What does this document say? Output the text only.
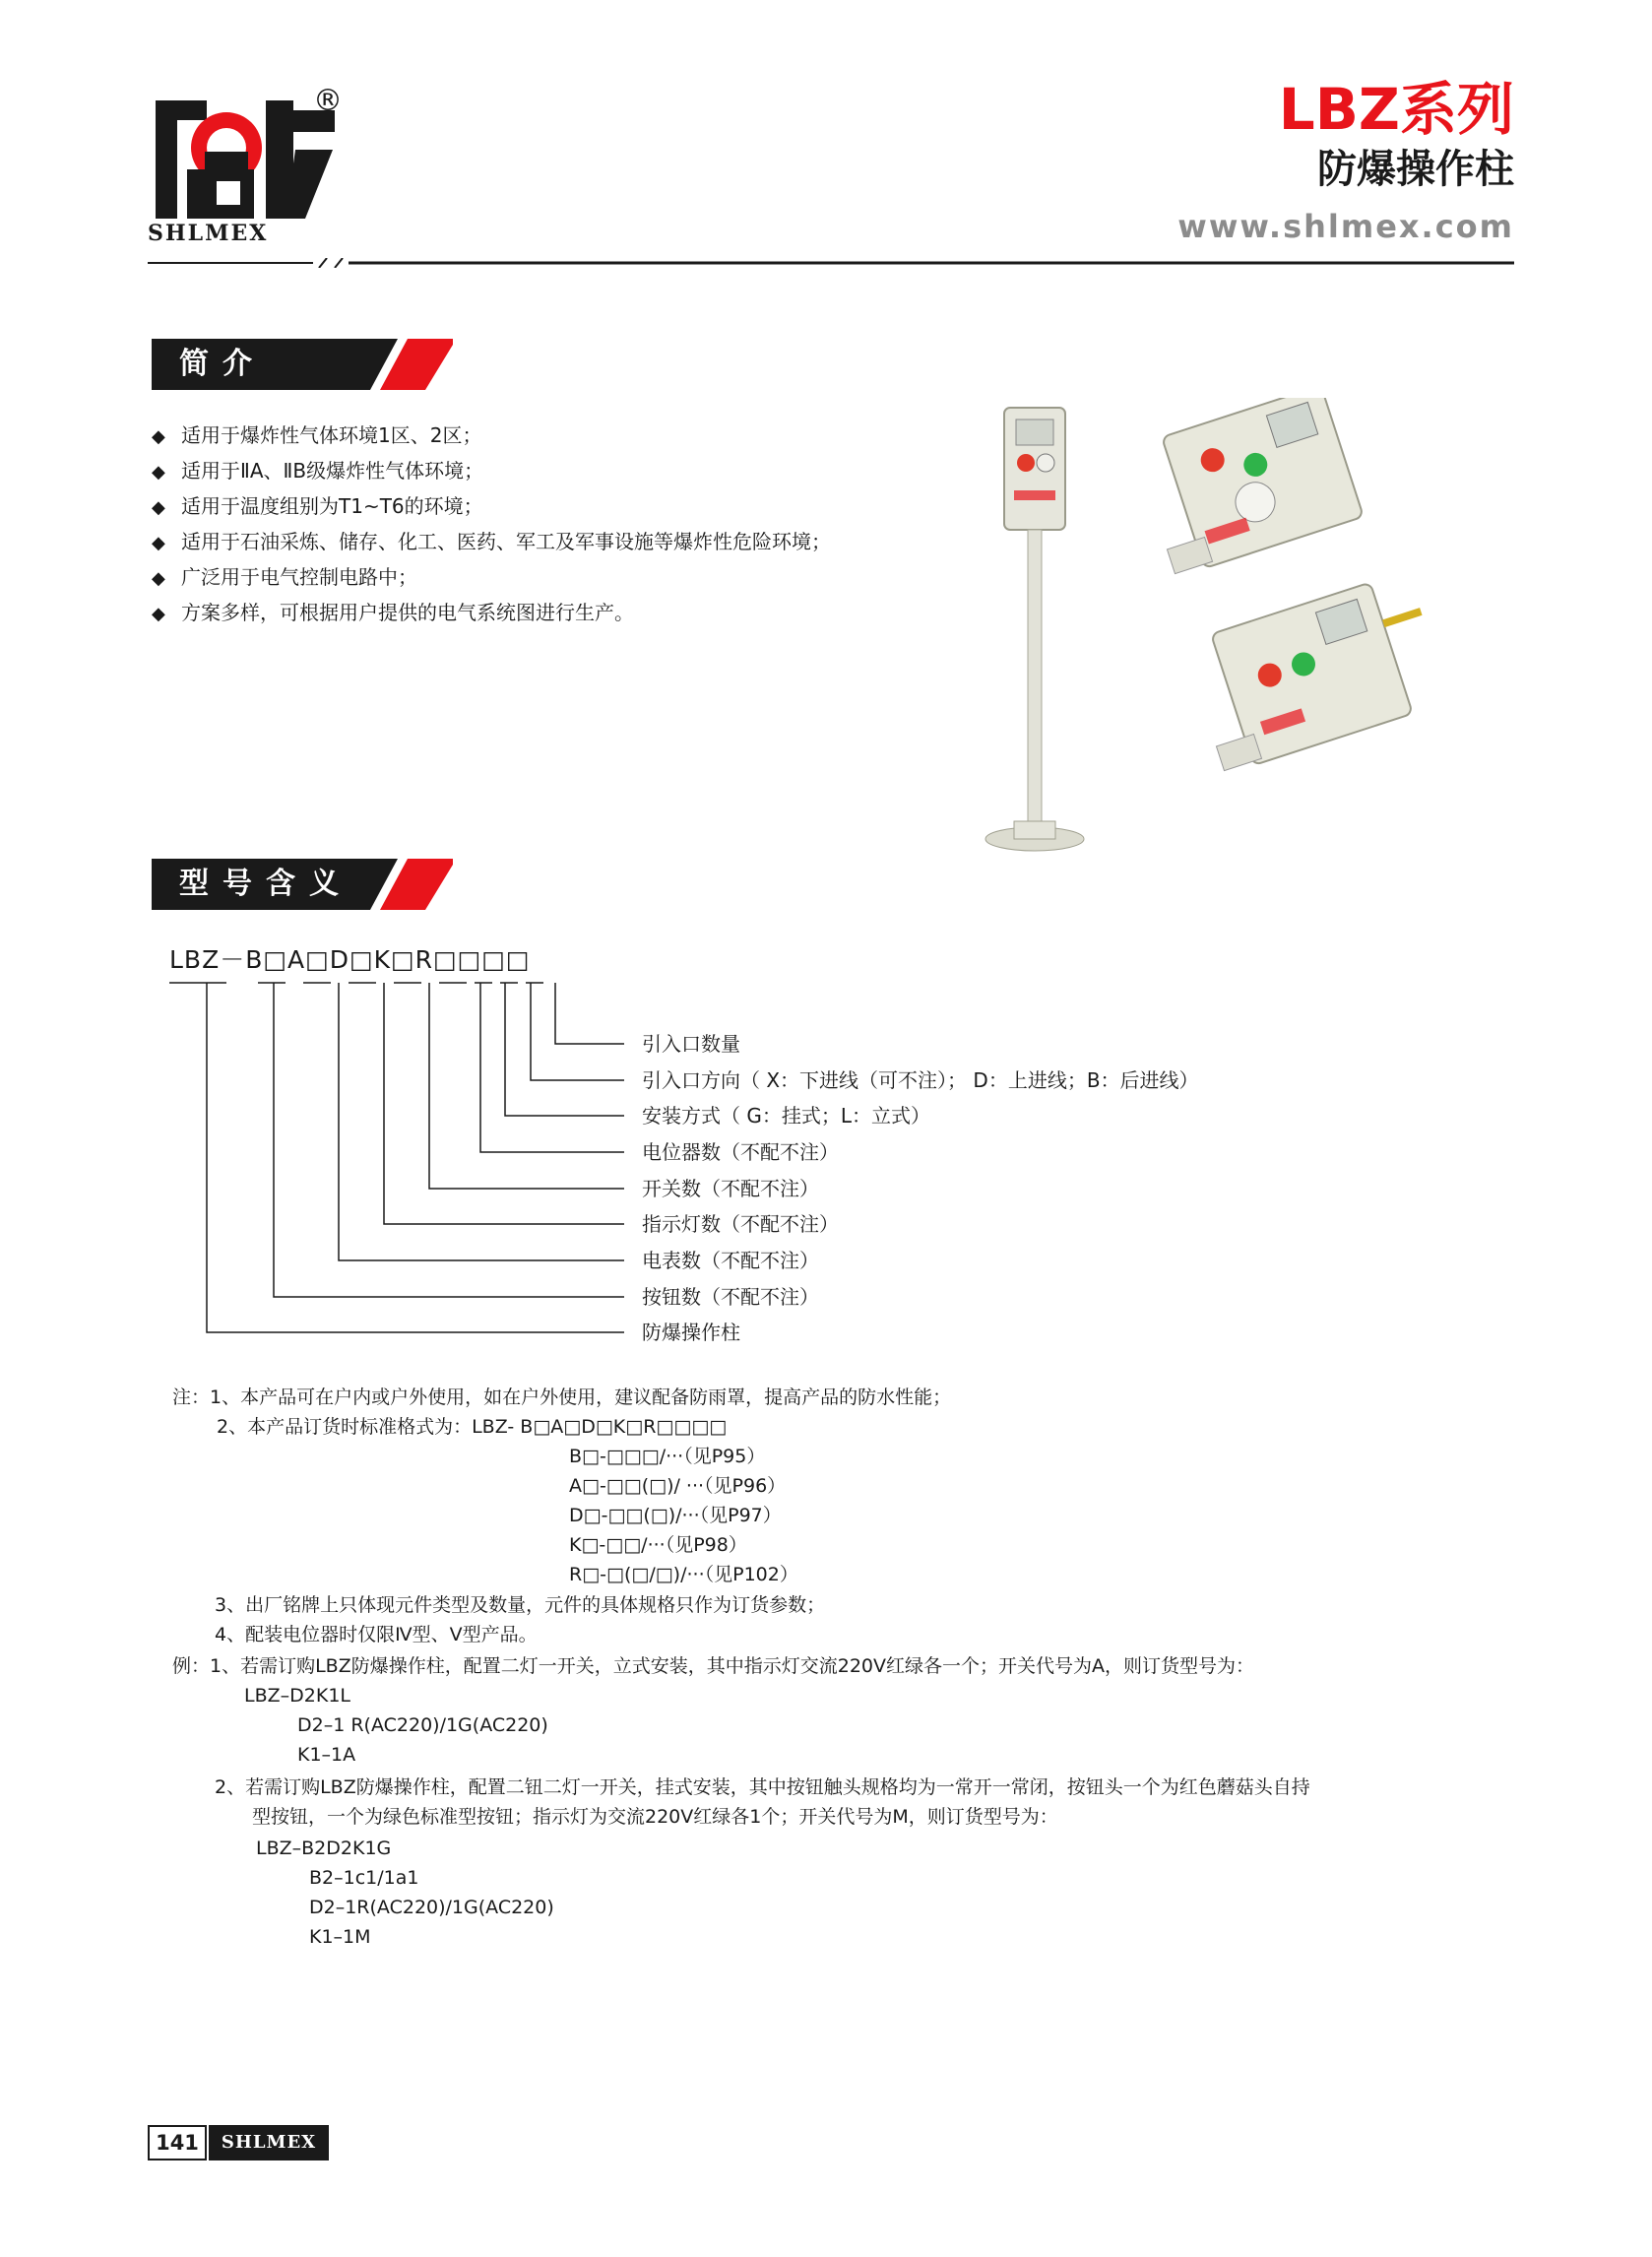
SHLMEX
®	LBZ系列
防爆操作柱
www.shlmex.com
简介
◆ 适用于爆炸性气体环境1区、2区；
◆ 适用于ⅡA、ⅡB级爆炸性气体环境；
◆ 适用于温度组别为T1~T6的环境；
◆ 适用于石油采炼、储存、化工、医药、军工及军事设施等爆炸性危险环境；
◆ 广泛用于电气控制电路中；
◆ 方案多样，可根据用户提供的电气系统图进行生产。
型号含义
LBZ－B□A□D□K□R□□□□
引入口数量
引入口方向（ X：下进线（可不注）； D：上进线；B：后进线）
安装方式（ G：挂式；L：立式）
电位器数（不配不注）
开关数（不配不注）
指示灯数（不配不注）
电表数（不配不注）
按钮数（不配不注）
防爆操作柱
注：1、本产品可在户内或户外使用，如在户外使用，建议配备防雨罩，提高产品的防水性能；
2、本产品订货时标准格式为：LBZ- B□A□D□K□R□□□□
B□-□□□/···（见P95）
A□-□□(□)/ ···（见P96）
D□-□□(□)/···（见P97）
K□-□□/···（见P98）
R□-□(□/□)/···（见P102）
3、出厂铭牌上只体现元件类型及数量，元件的具体规格只作为订货参数；
4、配装电位器时仅限Ⅳ型、Ⅴ型产品。
例：1、若需订购LBZ防爆操作柱，配置二灯一开关，立式安装，其中指示灯交流220V红绿各一个；开关代号为A，则订货型号为：
LBZ–D2K1L
D2–1 R(AC220)/1G(AC220)
K1–1A
2、若需订购LBZ防爆操作柱，配置二钮二灯一开关，挂式安装，其中按钮触头规格均为一常开一常闭，按钮头一个为红色蘑菇头自持
型按钮，一个为绿色标准型按钮；指示灯为交流220V红绿各1个；开关代号为M，则订货型号为：
LBZ–B2D2K1G
B2–1c1/1a1
D2–1R(AC220)/1G(AC220)
K1–1M
141	SHLMEX
